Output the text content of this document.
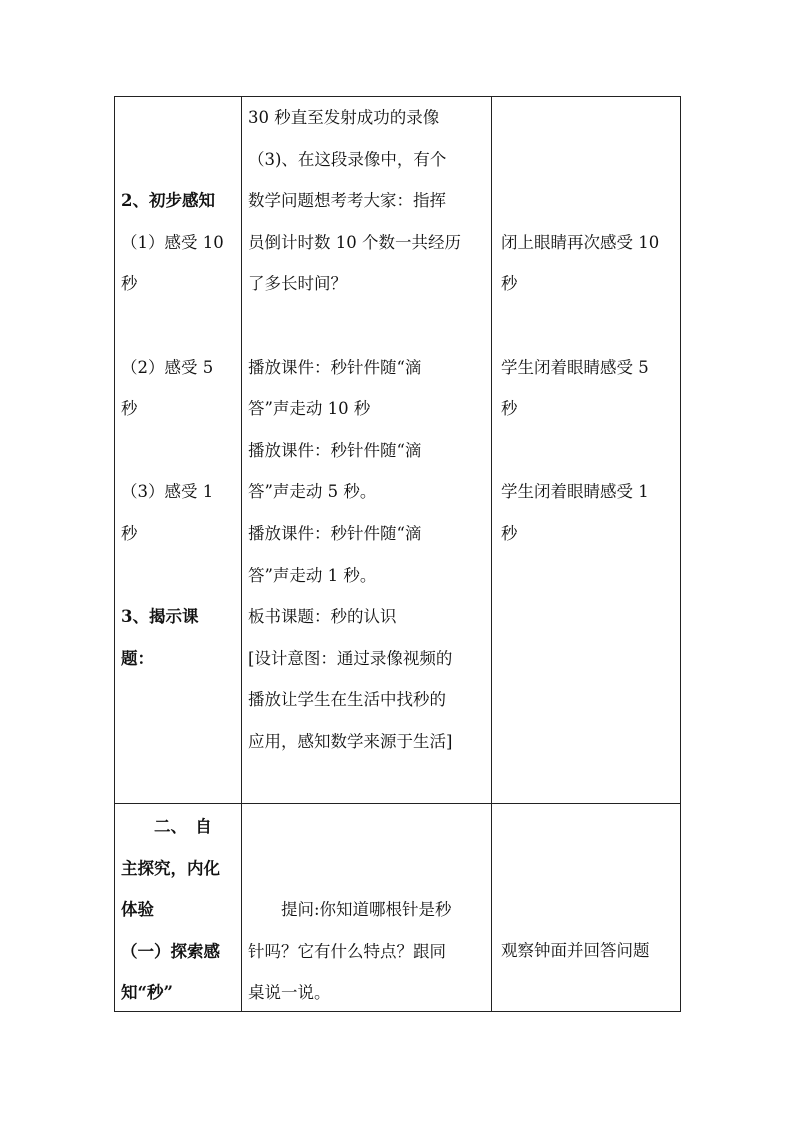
2、初步感知
（1）感受 10
秒

（2）感受 5
秒

（3）感受 1
秒

3、揭示课
题：
30 秒直至发射成功的录像
（3)、在这段录像中，有个
数学问题想考考大家：指挥
员倒计时数 10 个数一共经历
了多长时间？

播放课件：秒针件随“滴
答”声走动 10 秒
播放课件：秒针件随“滴
答”声走动 5 秒。
播放课件：秒针件随“滴
答”声走动 1 秒。
板书课题：秒的认识
[设计意图：通过录像视频的
播放让学生在生活中找秒的
应用，感知数学来源于生活]

闭上眼睛再次感受 10
秒

学生闭着眼睛感受 5
秒

学生闭着眼睛感受 1
秒
　　二、　自
主探究，内化
体验
（一）探索感
知“秒”
　　提问:你知道哪根针是秒
针吗？它有什么特点？跟同
桌说一说。
观察钟面并回答问题
